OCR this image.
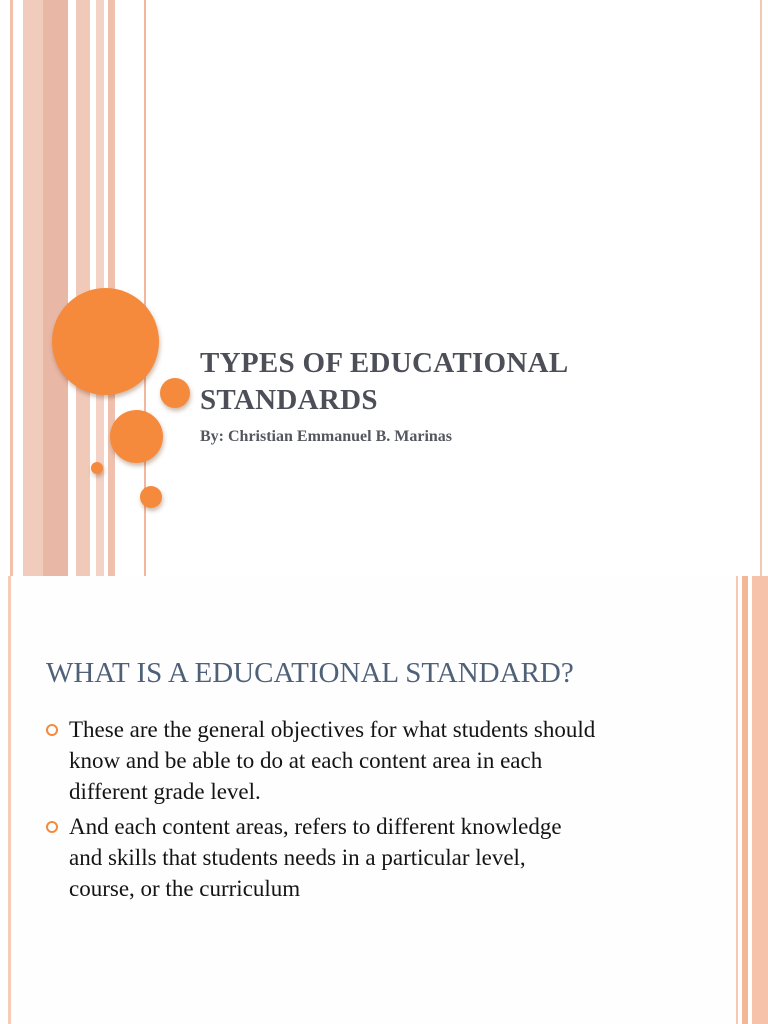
TYPES OF EDUCATIONAL
STANDARDS

By: Christian Emmanuel B. Marinas

WHAT IS A EDUCATIONAL STANDARD?
These are the general objectives for what students should
know and be able to do at each content area in each
different grade level.
And each content areas, refers to different knowledge
and skills that students needs in a particular level,
course, or the curriculum
